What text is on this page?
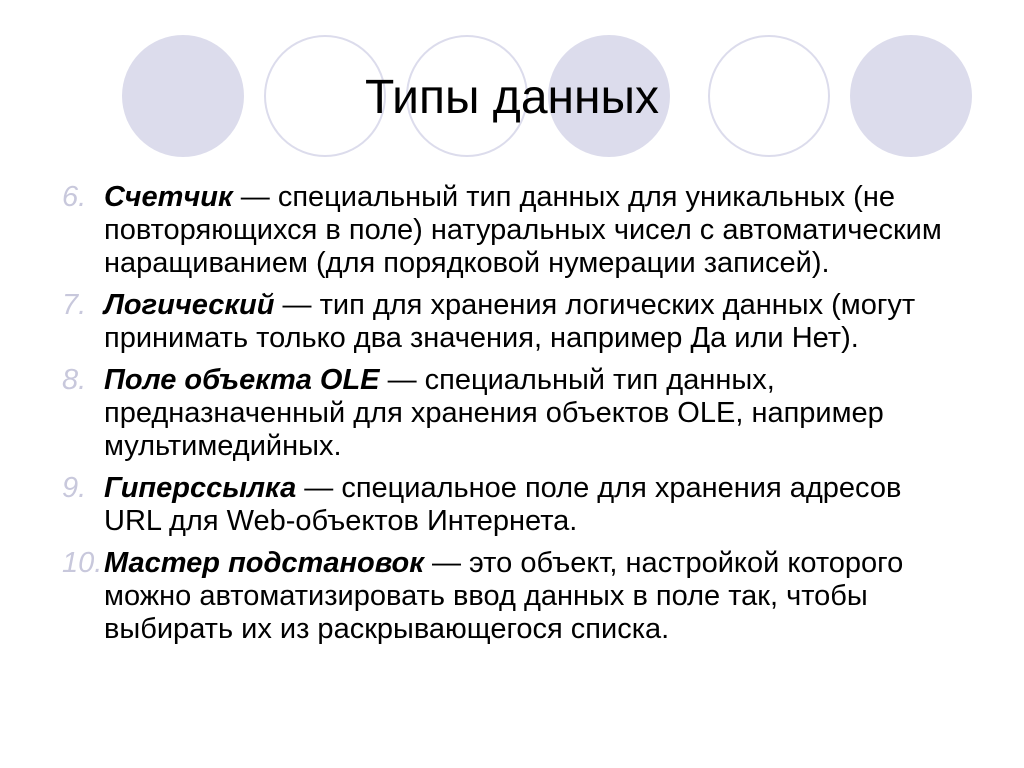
Типы данных
6. Счетчик — специальный тип данных для уникальных (не повторяющихся в поле) натуральных чисел с автоматическим наращиванием (для порядковой нумерации записей).
7. Логический — тип для хранения логических данных (могут принимать только два значения, например Да или Нет).
8. Поле объекта OLE — специальный тип данных, предназначенный для хранения объектов OLE, например мультимедийных.
9. Гиперссылка — специальное поле для хранения адресов URL для Web-объектов Интернета.
10. Мастер подстановок — это объект, настройкой которого можно автоматизировать ввод данных в поле так, чтобы выбирать их из раскрывающегося списка.
